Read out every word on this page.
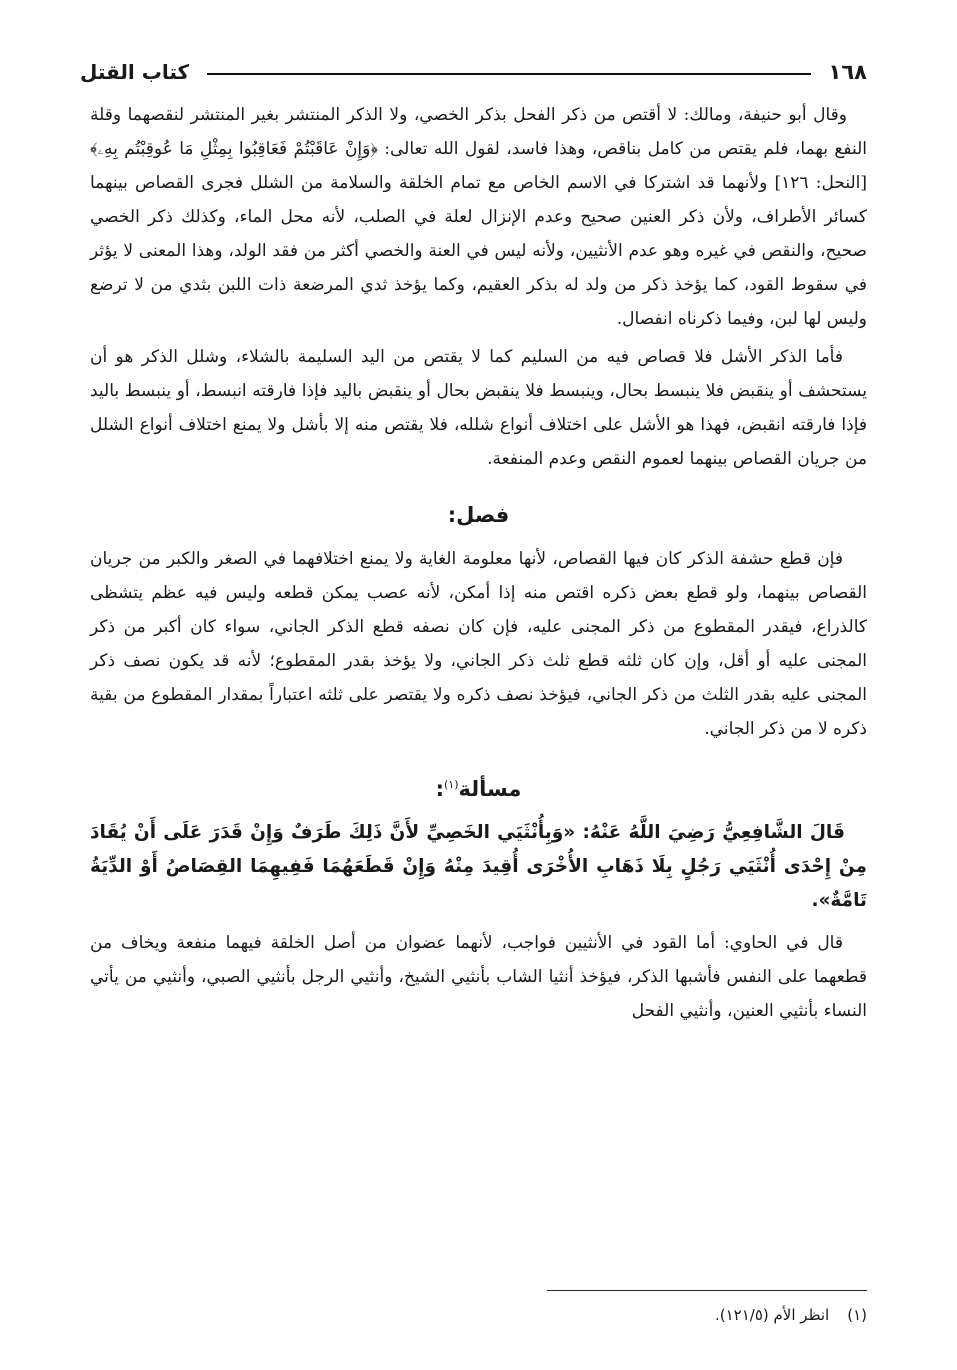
١٦٨
كتاب القتل

وقال أبو حنيفة، ومالك: لا أقتص من ذكر الفحل بذكر الخصي، ولا الذكر المنتشر بغير المنتشر لنقصهما وقلة النفع بهما، فلم يقتص من كامل بناقص، وهذا فاسد، لقول الله تعالى: ﴿وَإِنْ عَاقَبْتُمْ فَعَاقِبُوا بِمِثْلِ مَا عُوقِبْتُم بِهِۦ﴾ [النحل: ١٢٦] ولأنهما قد اشتركا في الاسم الخاص مع تمام الخلقة والسلامة من الشلل فجرى القصاص بينهما كسائر الأطراف، ولأن ذكر العنين صحيح وعدم الإنزال لعلة في الصلب، لأنه محل الماء، وكذلك ذكر الخصي صحيح، والنقص في غيره وهو عدم الأنثيين، ولأنه ليس في العنة والخصي أكثر من فقد الولد، وهذا المعنى لا يؤثر في سقوط القود، كما يؤخذ ذكر من ولد له بذكر العقيم، وكما يؤخذ ثدي المرضعة ذات اللبن بثدي من لا ترضع وليس لها لبن، وفيما ذكرناه انفصال.

فأما الذكر الأشل فلا قصاص فيه من السليم كما لا يقتص من اليد السليمة بالشلاء، وشلل الذكر هو أن يستحشف أو ينقبض فلا ينبسط بحال، وينبسط فلا ينقبض بحال أو ينقبض باليد فإذا فارقته انبسط، أو ينبسط باليد فإذا فارقته انقبض، فهذا هو الأشل على اختلاف أنواع شلله، فلا يقتص منه إلا بأشل ولا يمنع اختلاف أنواع الشلل من جريان القصاص بينهما لعموم النقص وعدم المنفعة.

فصل:

فإن قطع حشفة الذكر كان فيها القصاص، لأنها معلومة الغاية ولا يمنع اختلافهما في الصغر والكبر من جريان القصاص بينهما، ولو قطع بعض ذكره اقتص منه إذا أمكن، لأنه عصب يمكن قطعه وليس فيه عظم يتشظى كالذراع، فيقدر المقطوع من ذكر المجنى عليه، فإن كان نصفه قطع الذكر الجاني، سواء كان أكبر من ذكر المجنى عليه أو أقل، وإن كان ثلثه قطع ثلث ذكر الجاني، ولا يؤخذ بقدر المقطوع؛ لأنه قد يكون نصف ذكر المجنى عليه بقدر الثلث من ذكر الجاني، فيؤخذ نصف ذكره ولا يقتصر على ثلثه اعتباراً بمقدار المقطوع من بقية ذكره لا من ذكر الجاني.

مسألة$^{(١)}$:

قَالَ الشَّافِعِيُّ رَضِيَ اللَّهُ عَنْهُ: «وَبِأُنْثَيَي الخَصِيِّ لأَنَّ ذَلِكَ طَرَفٌ وَإِنْ قَدَرَ عَلَى أَنْ يُقَادَ مِنْ إِحْدَى أُنْثَيَي رَجُلٍ بِلَا ذَهَابِ الأُخْرَى أُقِيدَ مِنْهُ وَإِنْ قَطَعَهُمَا فَفِيهِمَا القِصَاصُ أَوْ الدِّيَةُ تَامَّةٌ».

قال في الحاوي: أما القود في الأنثيين فواجب، لأنهما عضوان من أصل الخلقة فيهما منفعة ويخاف من قطعهما على النفس فأشبها الذكر، فيؤخذ أنثيا الشاب بأنثيي الشيخ، وأنثيي الرجل بأنثيي الصبي، وأنثيي من يأتي النساء بأنثيي العنين، وأنثيي الفحل

(١)انظر الأم (١٢١/٥).
